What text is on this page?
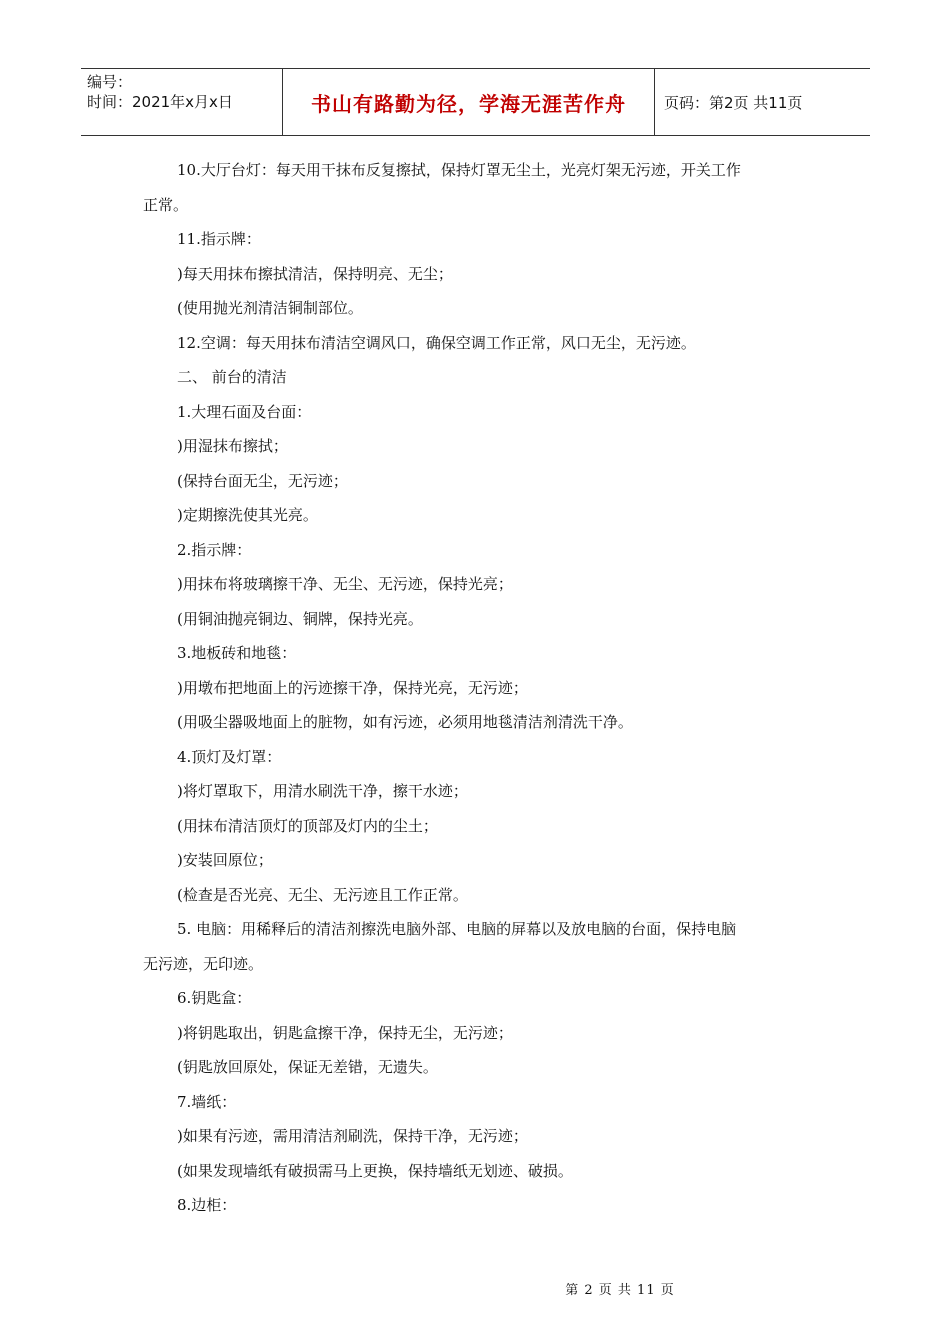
编号：
时间：2021年x月x日	书山有路勤为径，学海无涯苦作舟	页码：第2页 共11页
10.大厅台灯：每天用干抹布反复擦拭，保持灯罩无尘土，光亮灯架无污迹，开关工作
正常。
11.指示牌：
)每天用抹布擦拭清洁，保持明亮、无尘；
(使用抛光剂清洁铜制部位。
12.空调：每天用抹布清洁空调风口，确保空调工作正常，风口无尘，无污迹。
二、 前台的清洁
1.大理石面及台面：
)用湿抹布擦拭；
(保持台面无尘，无污迹；
)定期擦洗使其光亮。
2.指示牌：
)用抹布将玻璃擦干净、无尘、无污迹，保持光亮；
(用铜油抛亮铜边、铜牌，保持光亮。
3.地板砖和地毯：
)用墩布把地面上的污迹擦干净，保持光亮，无污迹；
(用吸尘器吸地面上的脏物，如有污迹，必须用地毯清洁剂清洗干净。
4.顶灯及灯罩：
)将灯罩取下，用清水刷洗干净，擦干水迹；
(用抹布清洁顶灯的顶部及灯内的尘土；
)安装回原位；
(检查是否光亮、无尘、无污迹且工作正常。
5. 电脑：用稀释后的清洁剂擦洗电脑外部、电脑的屏幕以及放电脑的台面，保持电脑
无污迹，无印迹。
6.钥匙盒：
)将钥匙取出，钥匙盒擦干净，保持无尘，无污迹；
(钥匙放回原处，保证无差错，无遗失。
7.墙纸：
)如果有污迹，需用清洁剂刷洗，保持干净，无污迹；
(如果发现墙纸有破损需马上更换，保持墙纸无划迹、破损。
8.边柜：
第 2 页 共 11 页
